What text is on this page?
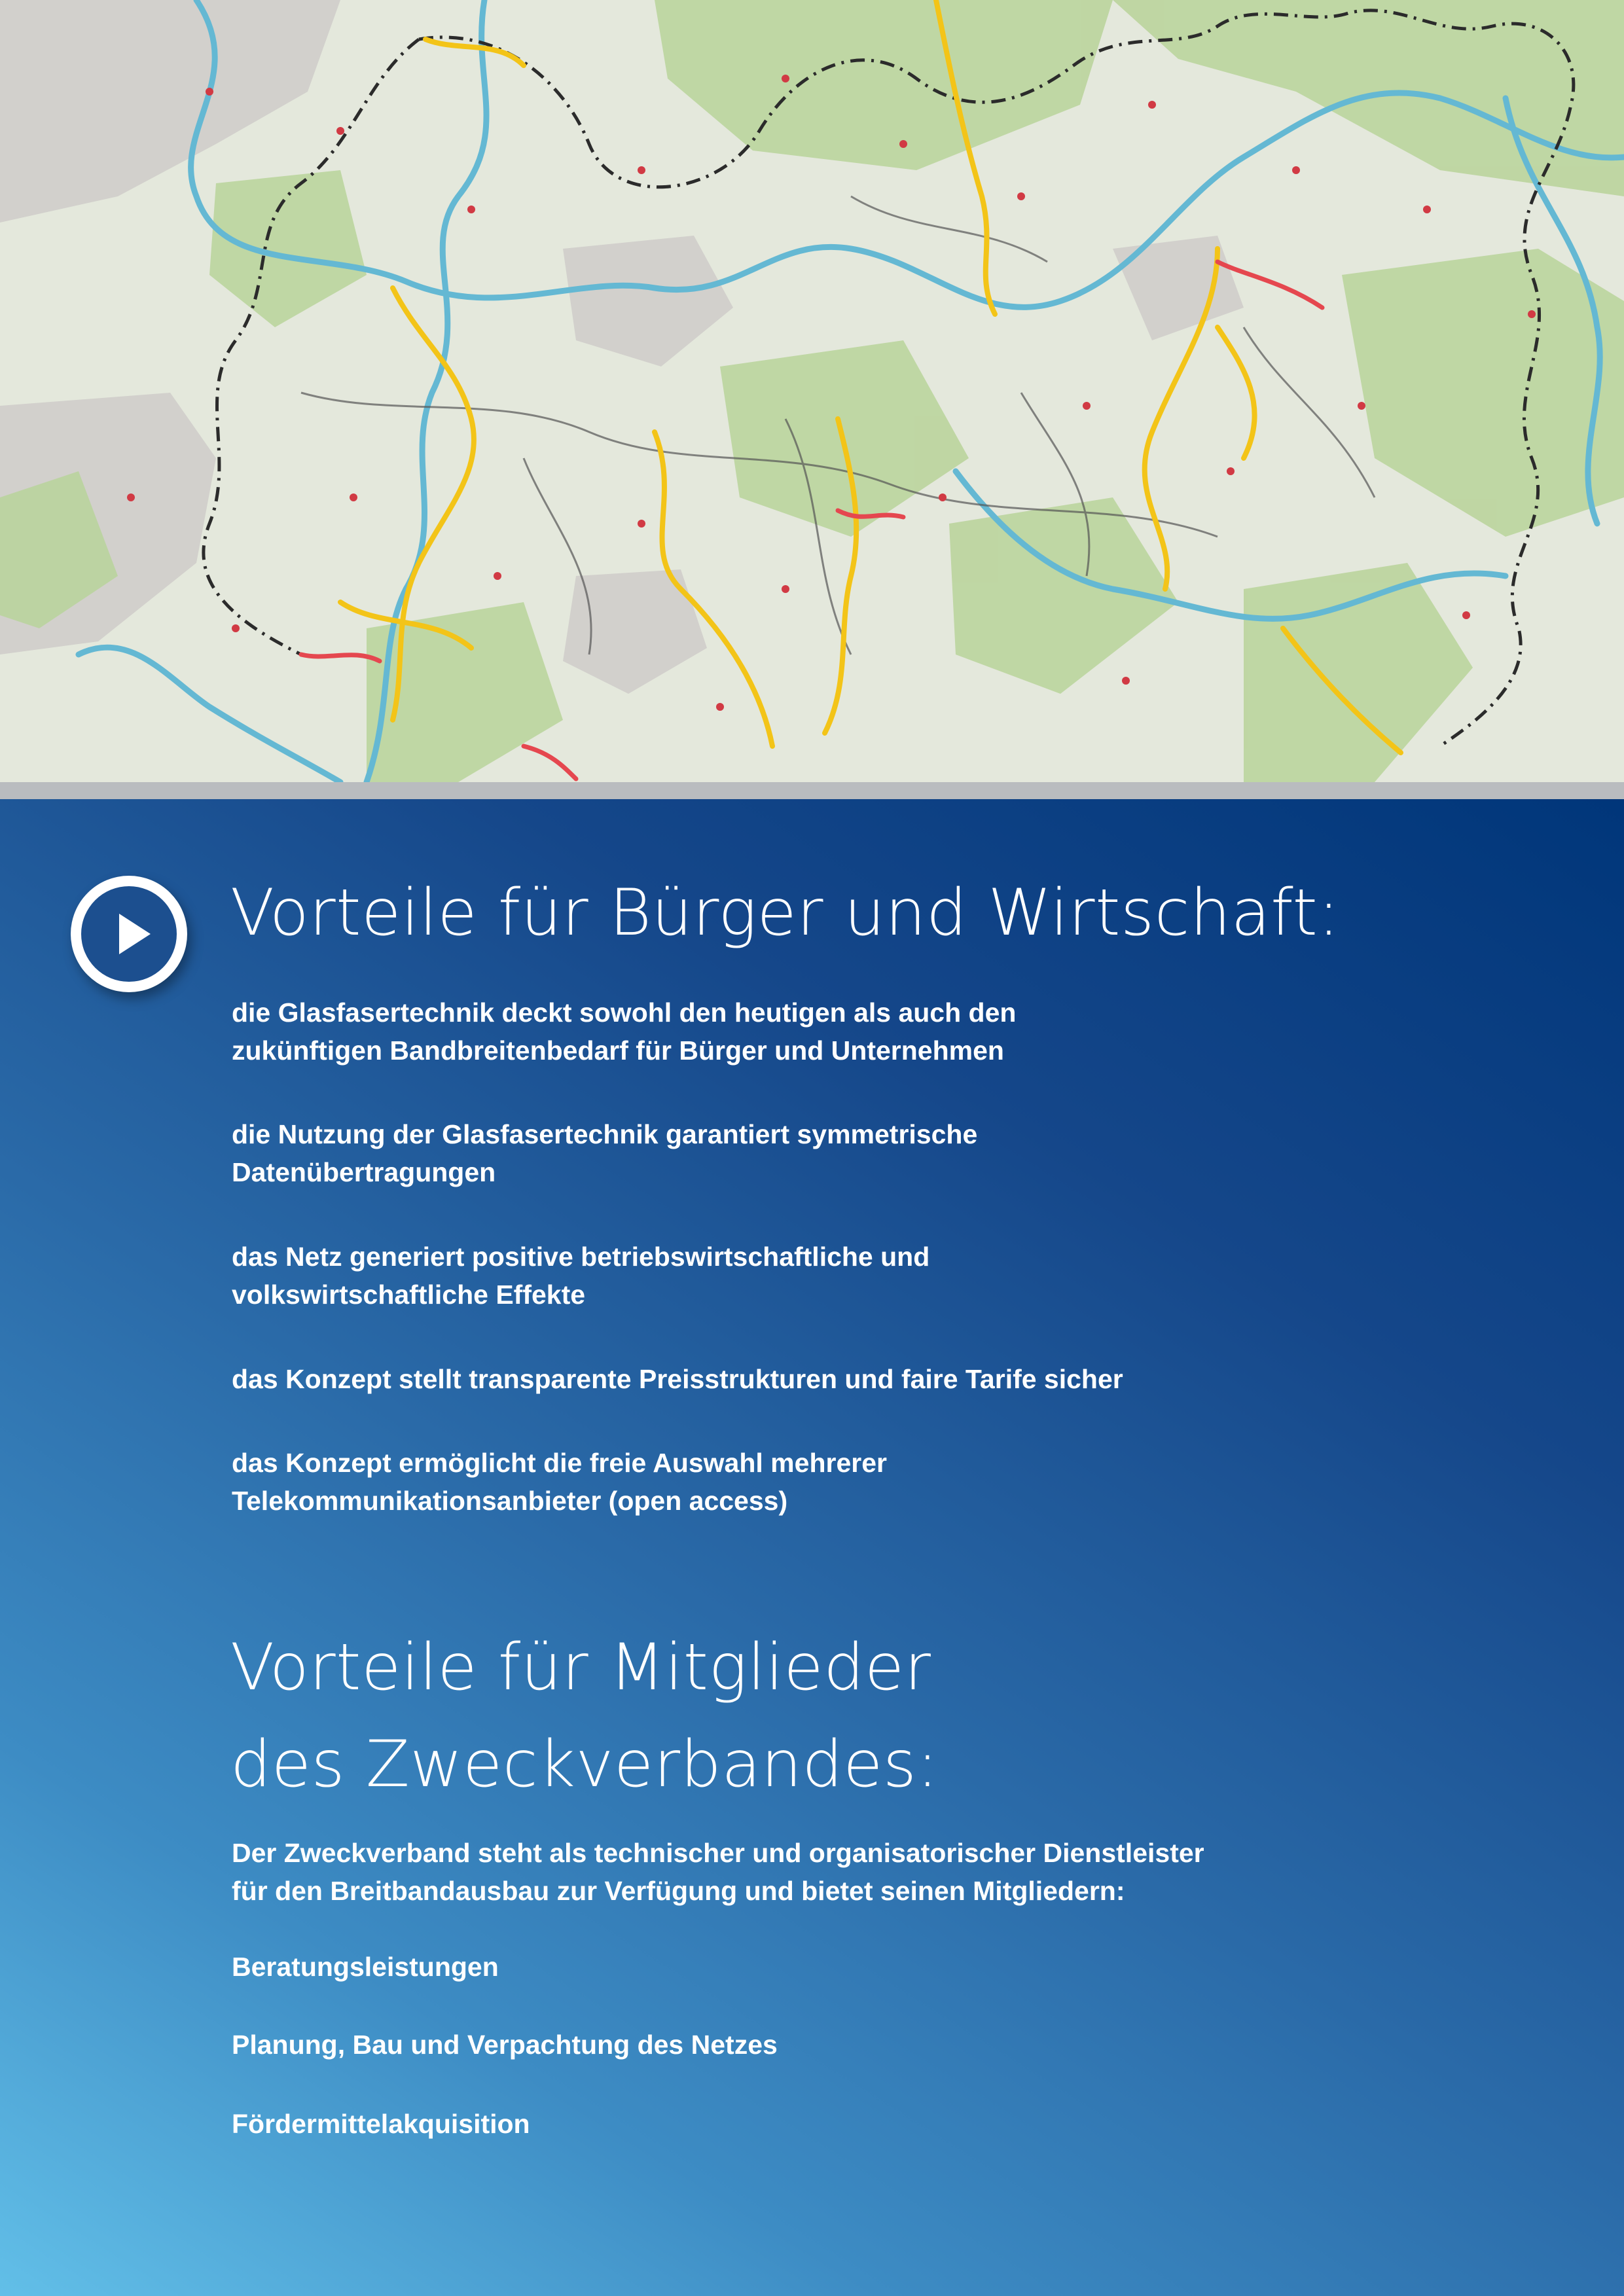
Vorteile für Bürger und Wirtschaft:

die Glasfasertechnik deckt sowohl den heutigen als auch den
zukünftigen Bandbreitenbedarf für Bürger und Unternehmen

die Nutzung der Glasfasertechnik garantiert symmetrische
Datenübertragungen

das Netz generiert positive betriebswirtschaftliche und
volkswirtschaftliche Effekte

das Konzept stellt transparente Preisstrukturen und faire Tarife sicher

das Konzept ermöglicht die freie Auswahl mehrerer
Telekommunikationsanbieter (open access)

Vorteile für Mitglieder
des Zweckverbandes:

Der Zweckverband steht als technischer und organisatorischer Dienstleister
für den Breitbandausbau zur Verfügung und bietet seinen Mitgliedern:

Beratungsleistungen

Planung, Bau und Verpachtung des Netzes

Fördermittelakquisition
